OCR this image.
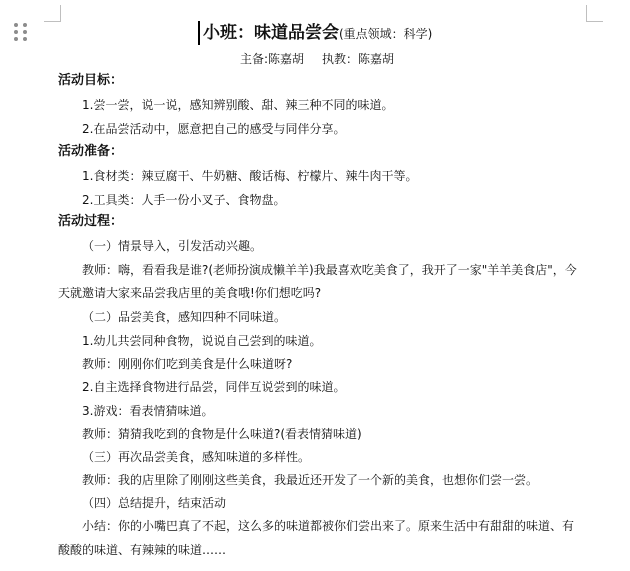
小班：味道品尝会(重点领域：科学)
主备:陈嘉胡 执教：陈嘉胡
活动目标：
1.尝一尝，说一说，感知辨别酸、甜、辣三种不同的味道。
2.在品尝活动中，愿意把自己的感受与同伴分享。
活动准备：
1.食材类：辣豆腐干、牛奶糖、酸话梅、柠檬片、辣牛肉干等。
2.工具类：人手一份小叉子、食物盘。
活动过程：
（一）情景导入，引发活动兴趣。
教师：嗨，看看我是谁?(老师扮演成懒羊羊)我最喜欢吃美食了，我开了一家"羊羊美食店"，今
天就邀请大家来品尝我店里的美食哦!你们想吃吗?
（二）品尝美食，感知四种不同味道。
1.幼儿共尝同种食物，说说自己尝到的味道。
教师：刚刚你们吃到美食是什么味道呀?
2.自主选择食物进行品尝，同伴互说尝到的味道。
3.游戏：看表情猜味道。
教师：猜猜我吃到的食物是什么味道?(看表情猜味道)
（三）再次品尝美食，感知味道的多样性。
教师：我的店里除了刚刚这些美食，我最近还开发了一个新的美食，也想你们尝一尝。
（四）总结提升，结束活动
小结：你的小嘴巴真了不起，这么多的味道都被你们尝出来了。原来生活中有甜甜的味道、有
酸酸的味道、有辣辣的味道……
